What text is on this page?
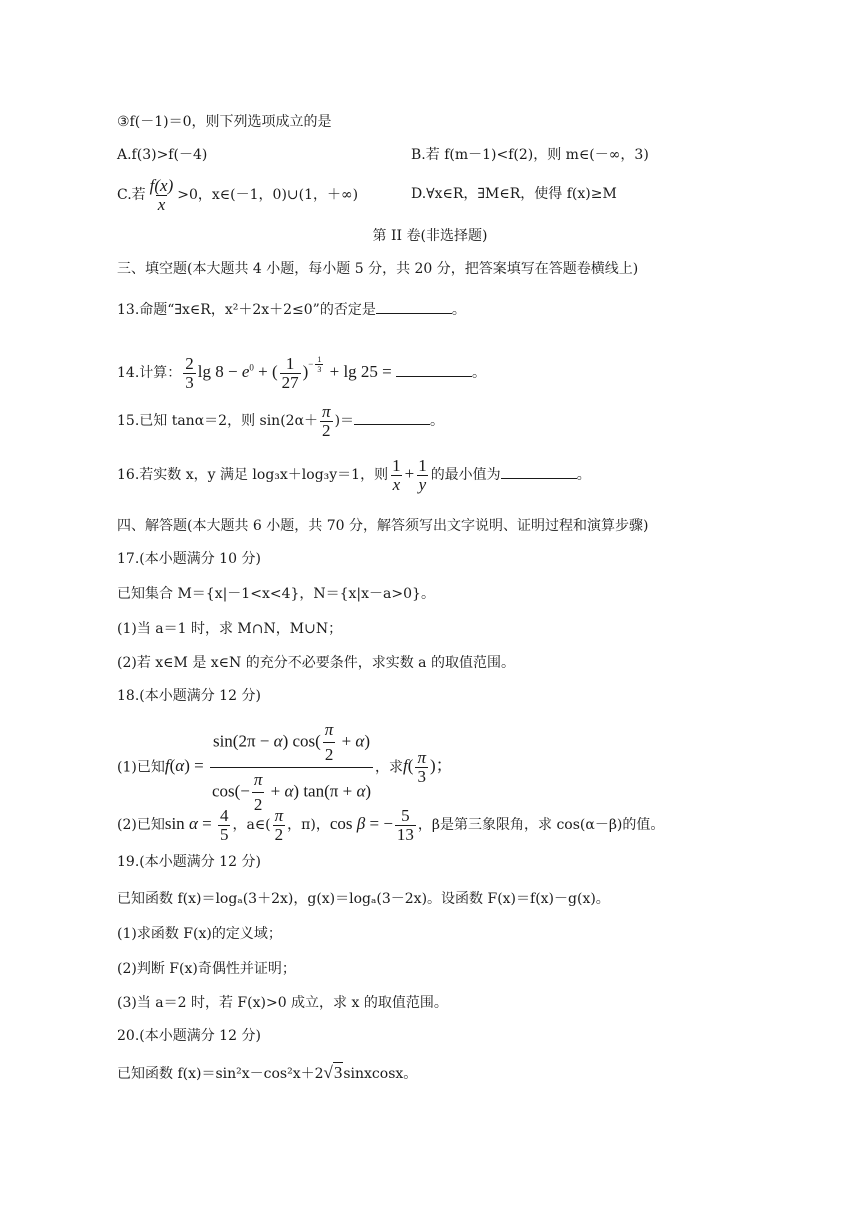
③f(－1)＝0，则下列选项成立的是
A.f(3)>f(－4)	B.若 f(m－1)<f(2)，则 m∈(－∞，3)
C.若 $\frac{f(x)}{x} >0$，x∈(－1，0)∪(1，＋∞)	D.∀x∈R，∃M∈R，使得 f(x)≥M
第 II 卷(非选择题)
三、填空题(本大题共 4 小题，每小题 5 分，共 20 分，把答案填写在答题卷横线上)
13.命题“∃x∈R，x²＋2x＋2≤0”的否定是	。
14.计算： $\frac{2}{3}$ $\lg 8 - e^0$ + ( $\frac{1}{27} )^{- \frac{1}{3}} + \lg 25$ =	。
15.已知 tanα＝2，则 $\sin(2\alpha+ \frac{\pi}{2}$ )＝	。
16.若实数 x，y 满足 log₃x＋log₃y＝1，则 $\frac{1}{x} + \frac{1}{y}$ 的最小值为	。
四、解答题(本大题共 6 小题，共 70 分，解答须写出文字说明、证明过程和演算步骤)
17.(本小题满分 10 分)
已知集合 M＝{x|－1<x<4}，N＝{x|x－a>0}。
(1)当 a＝1 时，求 M∩N，M∪N；
(2)若 x∈M 是 x∈N 的充分不必要条件，求实数 a 的取值范围。
18.(本小题满分 12 分)
(1)已知$f(\alpha) = \frac{\sin(2\pi - \alpha) \cos( \frac{\pi}{2} + \alpha)}{\cos(- \frac{\pi}{2} + \alpha) \tan(\pi + \alpha)}$ ，求$f( \frac{\pi}{3}$ )；
(2)已知$\sin \alpha = \frac{4}{5}$ ，a∈( $\frac{\pi}{2}$ ，π)，cos β = − $\frac{5}{13}$ ，β是第三象限角，求 cos(α－β)的值。
19.(本小题满分 12 分)
已知函数 f(x)＝logₐ(3＋2x)，g(x)＝logₐ(3－2x)。设函数 F(x)＝f(x)－g(x)。
(1)求函数 F(x)的定义域；
(2)判断 F(x)奇偶性并证明；
(3)当 a＝2 时，若 F(x)>0 成立，求 x 的取值范围。
20.(本小题满分 12 分)
已知函数 f(x)＝sin²x－cos²x＋2√3sinxcosx。
